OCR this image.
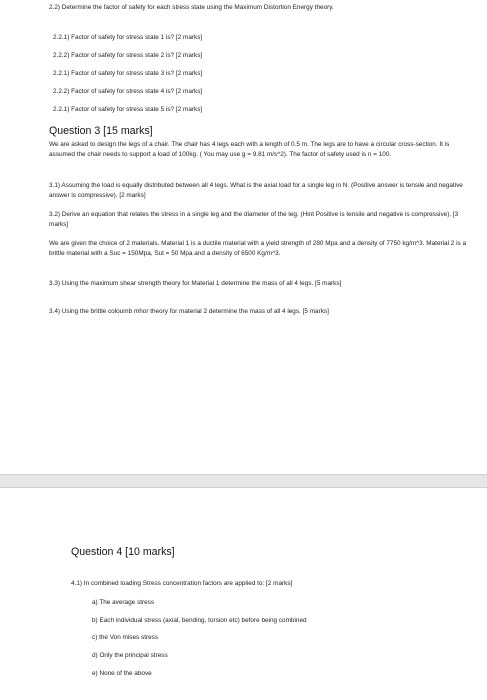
2.2) Determine the factor of safety for each stress state using the Maximum Distortion Energy theory.
2.2.1) Factor of safety for stress state 1 is? [2 marks]
2.2.2) Factor of safety for stress state 2 is? [2 marks]
2.2.1) Factor of safety for stress state 3 is? [2 marks]
2.2.2) Factor of safety for stress state 4 is? [2 marks]
2.2.1) Factor of safety for stress state 5 is? [2 marks]
Question 3 [15 marks]
We are asked to design the legs of a chair. The chair has 4 legs each with a length of 0.5 m. The legs are to have a circular cross-section. It is assumed the chair needs to support a load of 100kg. ( You may use g = 9.81 m/s^2). The factor of safety used is n = 100.
3.1) Assuming the load is equally distributed between all 4 legs. What is the axial load for a single leg in N. (Positive answer is tensile and negative answer is compressive). [2 marks]
3.2) Derive an equation that relates the stress in a single leg and the diameter of the leg. (Hint Positive is tensile and negative is compressive). [3 marks]
We are given the choice of 2 materials. Material 1 is a ductile material with a yield strength of 280 Mpa and a density of 7750 kg/m^3. Material 2 is a brittle material with a Suc = 150Mpa, Sut = 50 Mpa and a density of 6500 Kg/m^3.
3.3) Using the maximum shear strength theory for Material 1 determine the mass of all 4 legs. [5 marks]
3.4) Using the brittle coloumb mhor theory for material 2 determine the mass of all 4 legs. [5 marks]
Question 4 [10 marks]
4.1) In combined loading Stress concentration factors are applied to: [2 marks]
a) The average stress
b) Each individual stress (axial, bending, torsion etc) before being combined
c) the Von mises stress
d) Only the principal stress
e) None of the above
